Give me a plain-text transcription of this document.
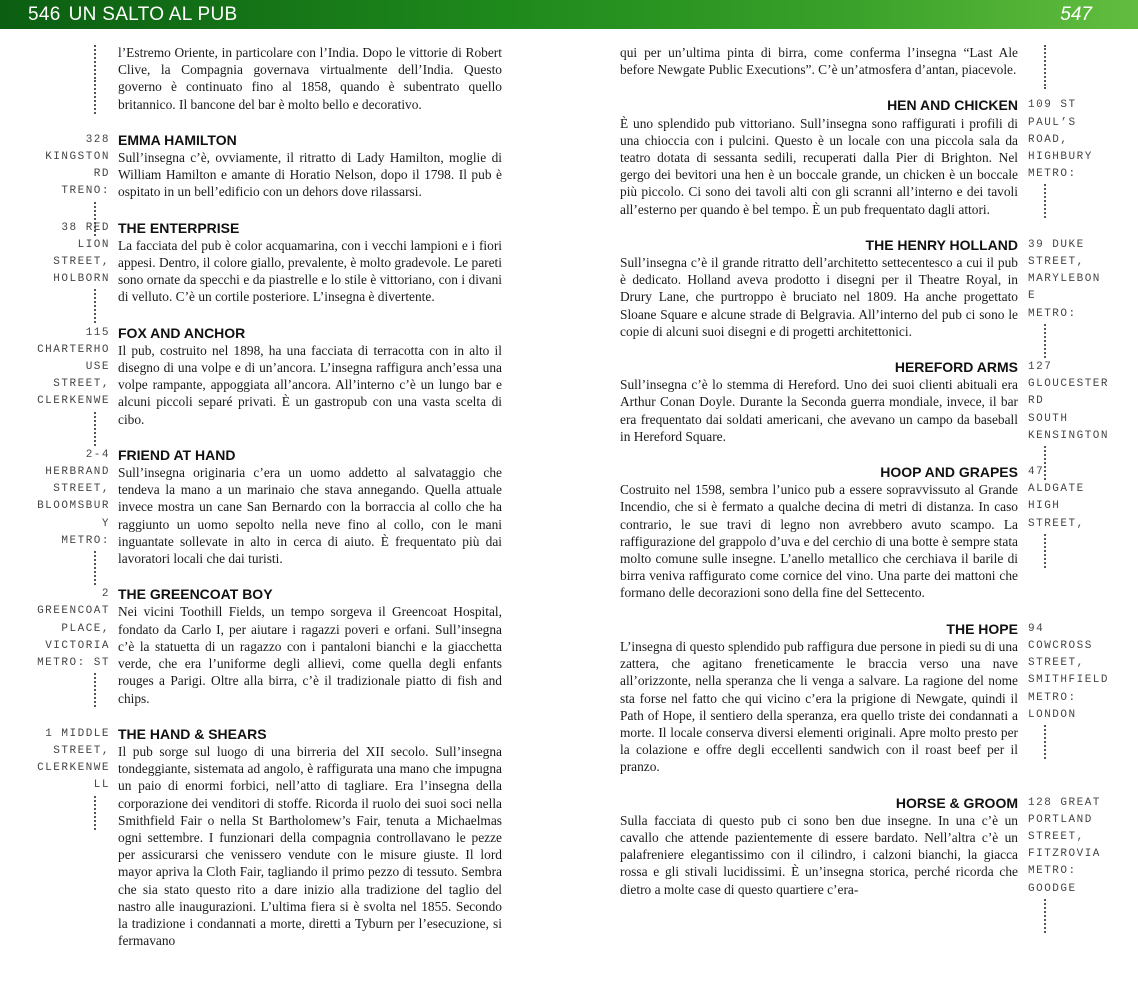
546 UN SALTO AL PUB	547

l’Estremo Oriente, in particolare con l’India. Dopo le vittorie di Robert Clive, la Compagnia governava virtualmente dell’India. Questo governo è continuato fino al 1858, quando è subentrato quello britannico. Il bancone del bar è molto bello e decorativo.

328
KINGSTON
RD
TRENO:

EMMA HAMILTON

Sull’insegna c’è, ovviamente, il ritratto di Lady Hamilton, moglie di William Hamilton e amante di Horatio Nelson, dopo il 1798. Il pub è ospitato in un bell’edificio con un dehors dove rilassarsi.

38 RED
LION
STREET,
HOLBORN

THE ENTERPRISE

La facciata del pub è color acquamarina, con i vecchi lampioni e i fiori appesi. Dentro, il colore giallo, prevalente, è molto gradevole. Le pareti sono ornate da specchi e da piastrelle e lo stile è vittoriano, con i divani di velluto. C’è un cortile posteriore. L’insegna è divertente.

115
CHARTERHO
USE
STREET,
CLERKENWE

FOX AND ANCHOR

Il pub, costruito nel 1898, ha una facciata di terracotta con in alto il disegno di una volpe e di un’ancora. L’insegna raffigura anch’essa una volpe rampante, appoggiata all’ancora. All’interno c’è un lungo bar e alcuni piccoli separé privati. È un gastropub con una vasta scelta di cibo.

2-4
HERBRAND
STREET,
BLOOMSBUR
Y
METRO:

FRIEND AT HAND

Sull’insegna originaria c’era un uomo addetto al salvataggio che tendeva la mano a un marinaio che stava annegando. Quella attuale invece mostra un cane San Bernardo con la borraccia al collo che ha raggiunto un uomo sepolto nella neve fino al collo, con le mani inguantate sollevate in alto in cerca di aiuto. È frequentato più dai lavoratori locali che dai turisti.

2
GREENCOAT
PLACE,
VICTORIA
METRO: ST

THE GREENCOAT BOY

Nei vicini Toothill Fields, un tempo sorgeva il Greencoat Hospital, fondato da Carlo I, per aiutare i ragazzi poveri e orfani. Sull’insegna c’è la statuetta di un ragazzo con i pantaloni bianchi e la giacchetta verde, che era l’uniforme degli allievi, come quella degli enfants rouges a Parigi. Oltre alla birra, c’è il tradizionale piatto di fish and chips.

1 MIDDLE
STREET,
CLERKENWE
LL

THE HAND & SHEARS

Il pub sorge sul luogo di una birreria del XII secolo. Sull’insegna tondeggiante, sistemata ad angolo, è raffigurata una mano che impugna un paio di enormi forbici, nell’atto di tagliare. Era l’insegna della corporazione dei venditori di stoffe. Ricorda il ruolo dei suoi soci nella Smithfield Fair o nella St Bartholomew’s Fair, tenuta a Michaelmas ogni settembre. I funzionari della compagnia controllavano le pezze per assicurarsi che venissero vendute con le misure giuste. Il lord mayor apriva la Cloth Fair, tagliando il primo pezzo di tessuto. Sembra che sia stato questo rito a dare inizio alla tradizione del taglio del nastro alle inaugurazioni. L’ultima fiera si è svolta nel 1855. Secondo la tradizione i condannati a morte, diretti a Tyburn per l’esecuzione, si fermavano

qui per un’ultima pinta di birra, come conferma l’insegna “Last Ale before Newgate Public Executions”. C’è un’atmosfera d’antan, piacevole.

109 ST
PAUL’S
ROAD,
HIGHBURY
METRO:

HEN AND CHICKEN

È uno splendido pub vittoriano. Sull’insegna sono raffigurati i profili di una chioccia con i pulcini. Questo è un locale con una piccola sala da teatro dotata di sessanta sedili, recuperati dalla Pier di Brighton. Nel gergo dei bevitori una hen è un boccale grande, un chicken è un boccale più piccolo. Ci sono dei tavoli alti con gli scranni all’interno e dei tavoli all’esterno per quando è bel tempo. È un pub frequentato dagli attori.

39 DUKE
STREET,
MARYLEBON
E
METRO:

THE HENRY HOLLAND

Sull’insegna c’è il grande ritratto dell’architetto settecentesco a cui il pub è dedicato. Holland aveva prodotto i disegni per il Theatre Royal, in Drury Lane, che purtroppo è bruciato nel 1809. Ha anche progettato Sloane Square e alcune strade di Belgravia. All’interno del pub ci sono le copie di alcuni suoi disegni e di progetti architettonici.

127
GLOUCESTER
RD
SOUTH
KENSINGTON

HEREFORD ARMS

Sull’insegna c’è lo stemma di Hereford. Uno dei suoi clienti abituali era Arthur Conan Doyle. Durante la Seconda guerra mondiale, invece, il bar era frequentato dai soldati americani, che avevano un campo da baseball in Hereford Square.

47
ALDGATE
HIGH
STREET,

HOOP AND GRAPES

Costruito nel 1598, sembra l’unico pub a essere sopravvissuto al Grande Incendio, che si è fermato a qualche decina di metri di distanza. In caso contrario, le sue travi di legno non avrebbero avuto scampo. La raffigurazione del grappolo d’uva e del cerchio di una botte è sempre stata molto comune sulle insegne. L’anello metallico che cerchiava il barile di birra veniva raffigurato come cornice del vino. Una parte dei mattoni che formano delle decorazioni sono della fine del Settecento.

94
COWCROSS
STREET,
SMITHFIELD
METRO:
LONDON

THE HOPE

L’insegna di questo splendido pub raffigura due persone in piedi su di una zattera, che agitano freneticamente le braccia verso una nave all’orizzonte, nella speranza che li venga a salvare. La ragione del nome sta forse nel fatto che qui vicino c’era la prigione di Newgate, quindi il Path of Hope, il sentiero della speranza, era quello triste dei condannati a morte. Il locale conserva diversi elementi originali. Apre molto presto per la colazione e offre degli eccellenti sandwich con il roast beef per il pranzo.

128 GREAT
PORTLAND
STREET,
FITZROVIA
METRO:
GOODGE

HORSE & GROOM

Sulla facciata di questo pub ci sono ben due insegne. In una c’è un cavallo che attende pazientemente di essere bardato. Nell’altra c’è un palafreniere elegantissimo con il cilindro, i calzoni bianchi, la giacca rossa e gli stivali lucidissimi. È un’insegna storica, perché ricorda che dietro a molte case di questo quartiere c’era-
